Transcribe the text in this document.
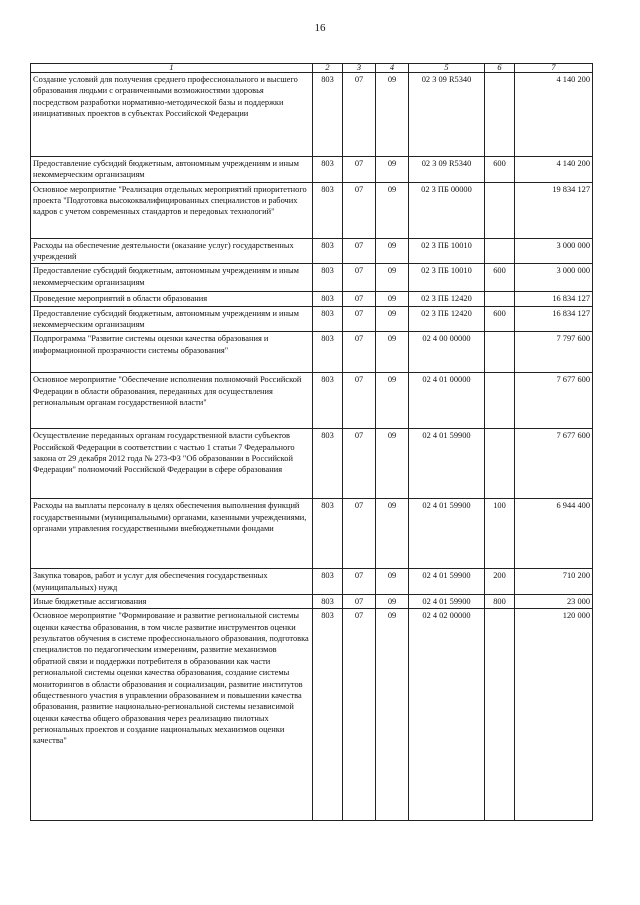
16
1	2	3	4	5	6	7
Создание условий для получения среднего профессионального и высшего образования людьми с ограниченными возможностями здоровья посредством разработки нормативно-методической базы и поддержки инициативных проектов в субъектах Российской Федерации	803	07	09	02 3 09 R5340		4 140 200
Предоставление субсидий бюджетным, автономным учреждениям и иным некоммерческим организациям	803	07	09	02 3 09 R5340	600	4 140 200
Основное мероприятие "Реализация отдельных мероприятий приоритетного проекта "Подготовка высококвалифицированных специалистов и рабочих кадров с учетом современных стандартов и передовых технологий"	803	07	09	02 3 ПБ 00000		19 834 127
Расходы на обеспечение деятельности (оказание услуг) государственных учреждений	803	07	09	02 3 ПБ 10010		3 000 000
Предоставление субсидий бюджетным, автономным учреждениям и иным некоммерческим организациям	803	07	09	02 3 ПБ 10010	600	3 000 000
Проведение мероприятий в области образования	803	07	09	02 3 ПБ 12420		16 834 127
Предоставление субсидий бюджетным, автономным учреждениям и иным некоммерческим организациям	803	07	09	02 3 ПБ 12420	600	16 834 127
Подпрограмма "Развитие системы оценки качества образования и информационной прозрачности системы образования"	803	07	09	02 4 00 00000		7 797 600
Основное мероприятие "Обеспечение исполнения полномочий Российской Федерации в области образования, переданных для осуществления региональным органам государственной власти"	803	07	09	02 4 01 00000		7 677 600
Осуществление переданных органам государственной власти субъектов Российской Федерации в соответствии с частью 1 статьи 7 Федерального закона от 29 декабря 2012 года № 273-ФЗ "Об образовании в Российской Федерации" полномочий Российской Федерации в сфере образования	803	07	09	02 4 01 59900		7 677 600
Расходы на выплаты персоналу в целях обеспечения выполнения функций государственными (муниципальными) органами, казенными учреждениями, органами управления государственными внебюджетными фондами	803	07	09	02 4 01 59900	100	6 944 400
Закупка товаров, работ и услуг для обеспечения государственных (муниципальных) нужд	803	07	09	02 4 01 59900	200	710 200
Иные бюджетные ассигнования	803	07	09	02 4 01 59900	800	23 000
Основное мероприятие "Формирование и развитие региональной системы оценки качества образования, в том числе развитие инструментов оценки результатов обучения в системе профессионального образования, подготовка специалистов по педагогическим измерениям, развитие механизмов обратной связи и поддержки потребителя в образовании как части региональной системы оценки качества образования, создание системы мониторингов в области образования и социализации, развитие институтов общественного участия в управлении образованием и повышении качества образования, развитие национально-региональной системы независимой оценки качества общего образования через реализацию пилотных региональных проектов и создание национальных механизмов оценки качества"	803	07	09	02 4 02 00000		120 000
